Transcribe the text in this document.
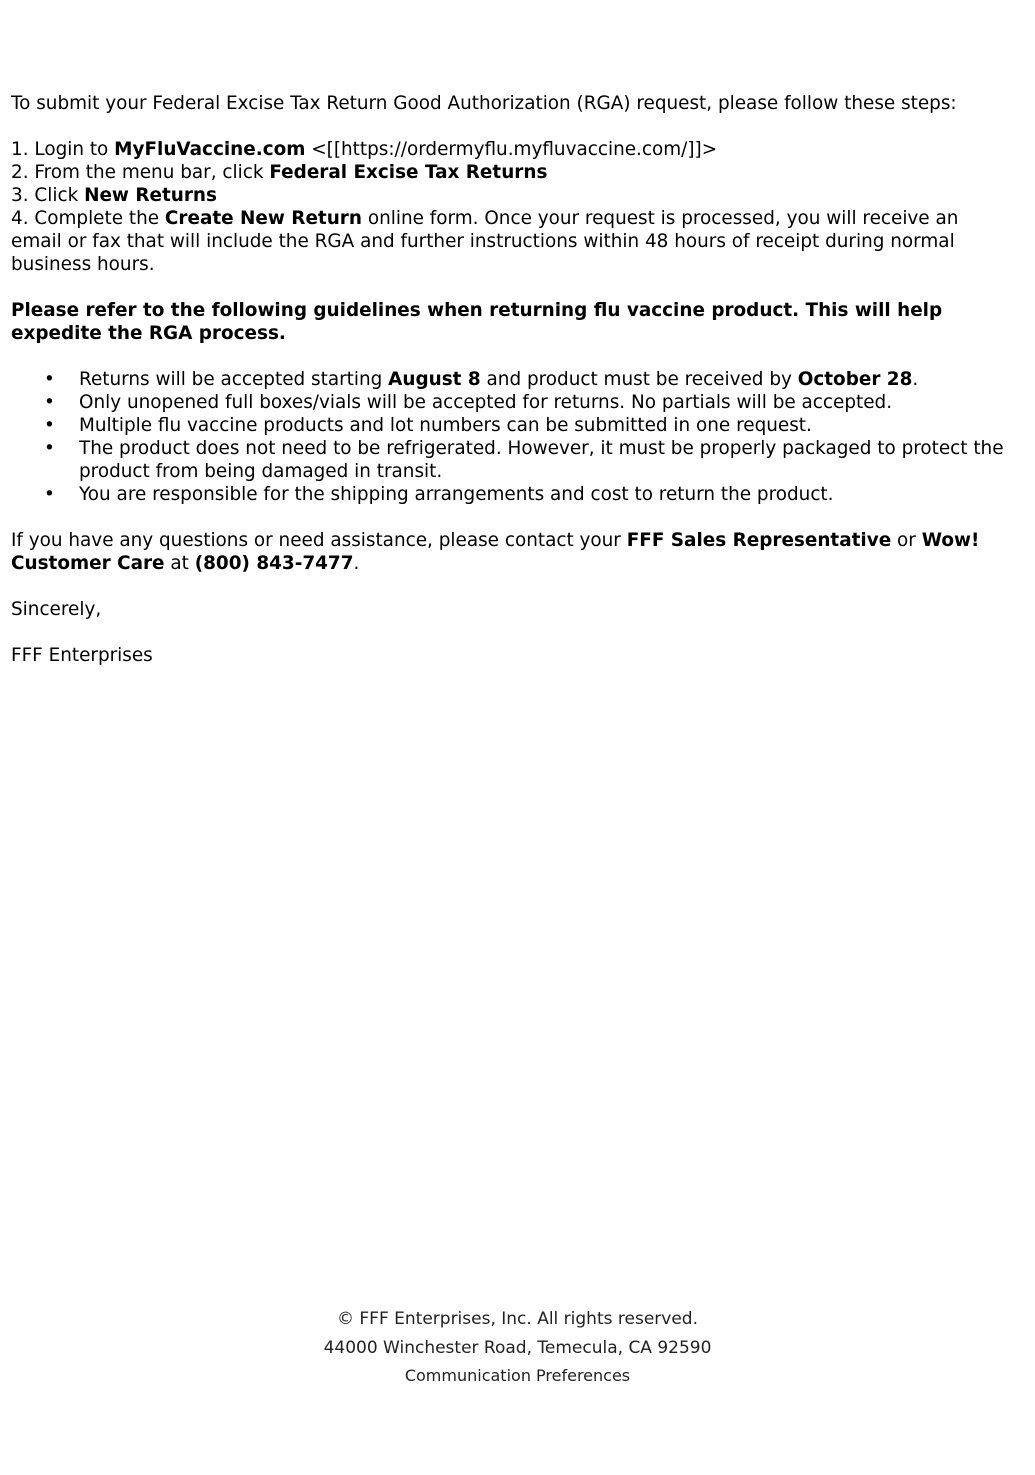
To submit your Federal Excise Tax Return Good Authorization (RGA) request, please follow these steps:

1. Login to MyFluVaccine.com <[[https://ordermyflu.myfluvaccine.com/]]>

2. From the menu bar, click Federal Excise Tax Returns

3. Click New Returns

4. Complete the Create New Return online form. Once your request is processed, you will receive an email or fax that will include the RGA and further instructions within 48 hours of receipt during normal business hours.

Please refer to the following guidelines when returning flu vaccine product. This will help expedite the RGA process.

• Returns will be accepted starting August 8 and product must be received by October 28.
• Only unopened full boxes/vials will be accepted for returns. No partials will be accepted.
• Multiple flu vaccine products and lot numbers can be submitted in one request.
• The product does not need to be refrigerated. However, it must be properly packaged to protect the product from being damaged in transit.
• You are responsible for the shipping arrangements and cost to return the product.

If you have any questions or need assistance, please contact your FFF Sales Representative or Wow! Customer Care at (800) 843-7477.

Sincerely,

FFF Enterprises

© FFF Enterprises, Inc. All rights reserved.
44000 Winchester Road, Temecula, CA 92590
Communication Preferences
